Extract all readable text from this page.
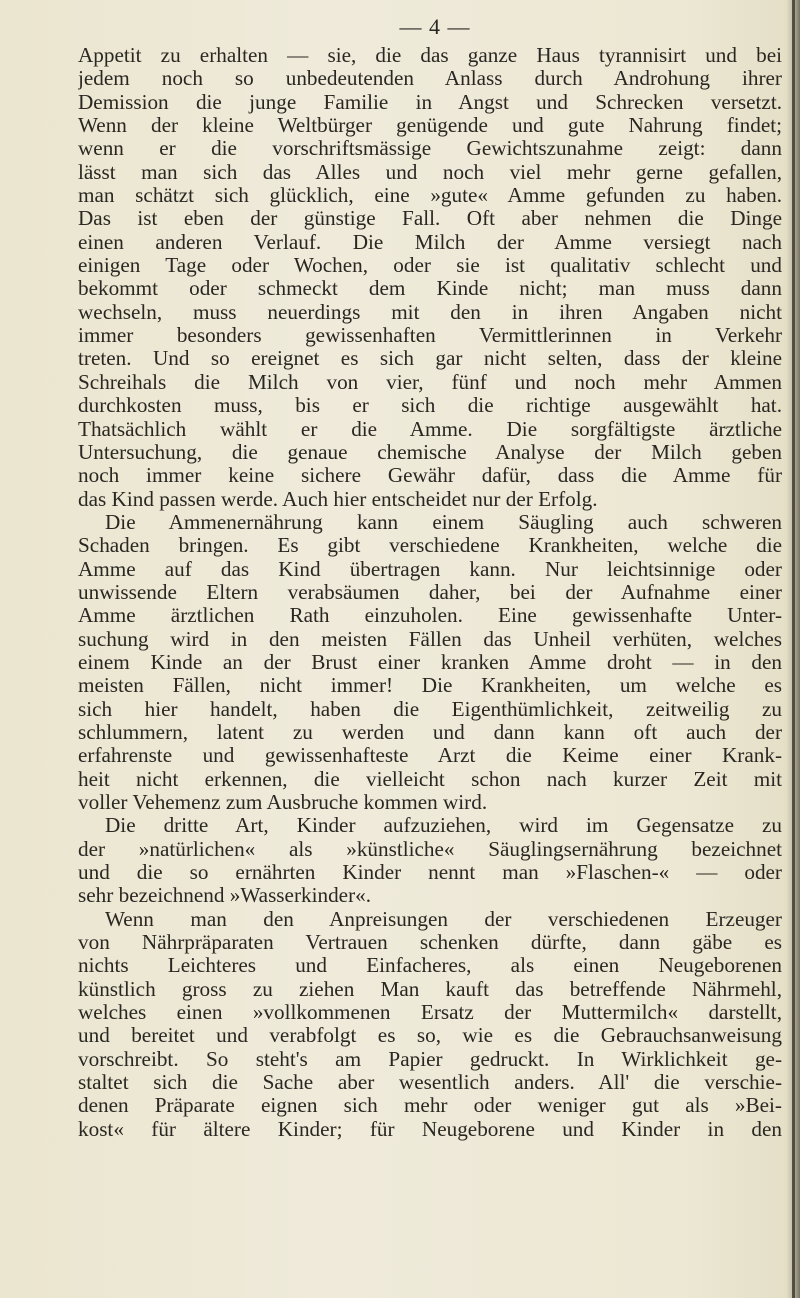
— 4 —
Appetit zu erhalten — sie, die das ganze Haus tyrannisirt und bei
jedem noch so unbedeutenden Anlass durch Androhung ihrer
Demission die junge Familie in Angst und Schrecken versetzt.
Wenn der kleine Weltbürger genügende und gute Nahrung findet;
wenn er die vorschriftsmässige Gewichtszunahme zeigt: dann
lässt man sich das Alles und noch viel mehr gerne gefallen,
man schätzt sich glücklich, eine »gute« Amme gefunden zu haben.
Das ist eben der günstige Fall. Oft aber nehmen die Dinge
einen anderen Verlauf. Die Milch der Amme versiegt nach
einigen Tage oder Wochen, oder sie ist qualitativ schlecht und
bekommt oder schmeckt dem Kinde nicht; man muss dann
wechseln, muss neuerdings mit den in ihren Angaben nicht
immer besonders gewissenhaften Vermittlerinnen in Verkehr
treten. Und so ereignet es sich gar nicht selten, dass der kleine
Schreihals die Milch von vier, fünf und noch mehr Ammen
durchkosten muss, bis er sich die richtige ausgewählt hat.
Thatsächlich wählt er die Amme. Die sorgfältigste ärztliche
Untersuchung, die genaue chemische Analyse der Milch geben
noch immer keine sichere Gewähr dafür, dass die Amme für
das Kind passen werde. Auch hier entscheidet nur der Erfolg.
Die Ammenernährung kann einem Säugling auch schweren
Schaden bringen. Es gibt verschiedene Krankheiten, welche die
Amme auf das Kind übertragen kann. Nur leichtsinnige oder
unwissende Eltern verabsäumen daher, bei der Aufnahme einer
Amme ärztlichen Rath einzuholen. Eine gewissenhafte Unter-
suchung wird in den meisten Fällen das Unheil verhüten, welches
einem Kinde an der Brust einer kranken Amme droht — in den
meisten Fällen, nicht immer! Die Krankheiten, um welche es
sich hier handelt, haben die Eigenthümlichkeit, zeitweilig zu
schlummern, latent zu werden und dann kann oft auch der
erfahrenste und gewissenhafteste Arzt die Keime einer Krank-
heit nicht erkennen, die vielleicht schon nach kurzer Zeit mit
voller Vehemenz zum Ausbruche kommen wird.
Die dritte Art, Kinder aufzuziehen, wird im Gegensatze zu
der »natürlichen« als »künstliche« Säuglingsernährung bezeichnet
und die so ernährten Kinder nennt man »Flaschen-« — oder
sehr bezeichnend »Wasserkinder«.
Wenn man den Anpreisungen der verschiedenen Erzeuger
von Nährpräparaten Vertrauen schenken dürfte, dann gäbe es
nichts Leichteres und Einfacheres, als einen Neugeborenen
künstlich gross zu ziehen Man kauft das betreffende Nährmehl,
welches einen »vollkommenen Ersatz der Muttermilch« darstellt,
und bereitet und verabfolgt es so, wie es die Gebrauchsanweisung
vorschreibt. So steht's am Papier gedruckt. In Wirklichkeit ge-
staltet sich die Sache aber wesentlich anders. All' die verschie-
denen Präparate eignen sich mehr oder weniger gut als »Bei-
kost« für ältere Kinder; für Neugeborene und Kinder in den
